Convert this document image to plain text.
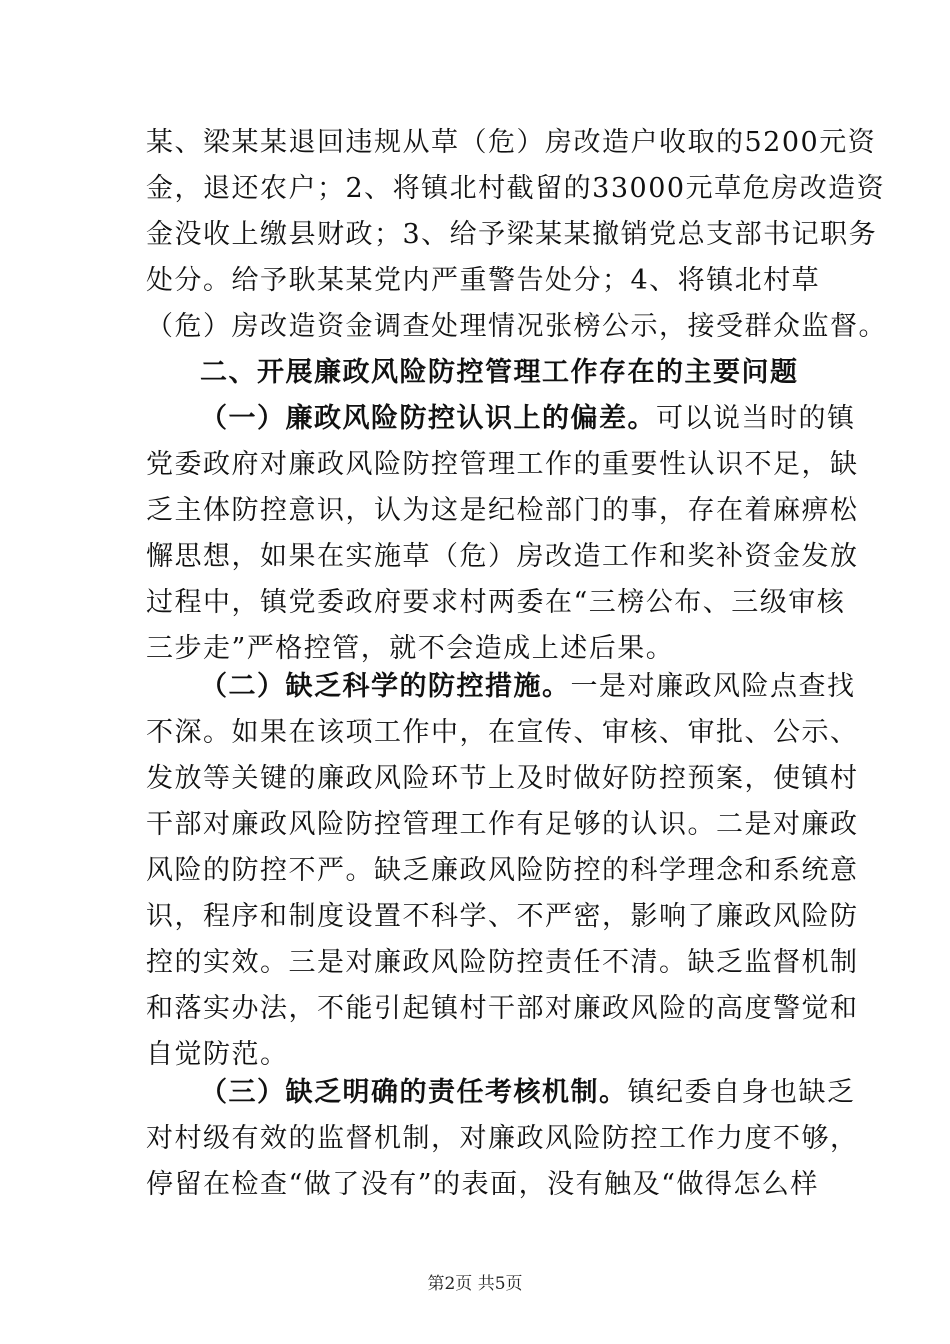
某、梁某某退回违规从草（危）房改造户收取的5200元资
金，退还农户；2、将镇北村截留的33000元草危房改造资
金没收上缴县财政；3、给予梁某某撤销党总支部书记职务
处分。给予耿某某党内严重警告处分；4、将镇北村草
（危）房改造资金调查处理情况张榜公示，接受群众监督。
二、开展廉政风险防控管理工作存在的主要问题
（一）廉政风险防控认识上的偏差。可以说当时的镇
党委政府对廉政风险防控管理工作的重要性认识不足，缺
乏主体防控意识，认为这是纪检部门的事，存在着麻痹松
懈思想，如果在实施草（危）房改造工作和奖补资金发放
过程中，镇党委政府要求村两委在“三榜公布、三级审核
三步走”严格控管，就不会造成上述后果。
（二）缺乏科学的防控措施。一是对廉政风险点查找
不深。如果在该项工作中，在宣传、审核、审批、公示、
发放等关键的廉政风险环节上及时做好防控预案，使镇村
干部对廉政风险防控管理工作有足够的认识。二是对廉政
风险的防控不严。缺乏廉政风险防控的科学理念和系统意
识，程序和制度设置不科学、不严密，影响了廉政风险防
控的实效。三是对廉政风险防控责任不清。缺乏监督机制
和落实办法，不能引起镇村干部对廉政风险的高度警觉和
自觉防范。
（三）缺乏明确的责任考核机制。镇纪委自身也缺乏
对村级有效的监督机制，对廉政风险防控工作力度不够，
停留在检查“做了没有”的表面，没有触及“做得怎么样
第2页 共5页
